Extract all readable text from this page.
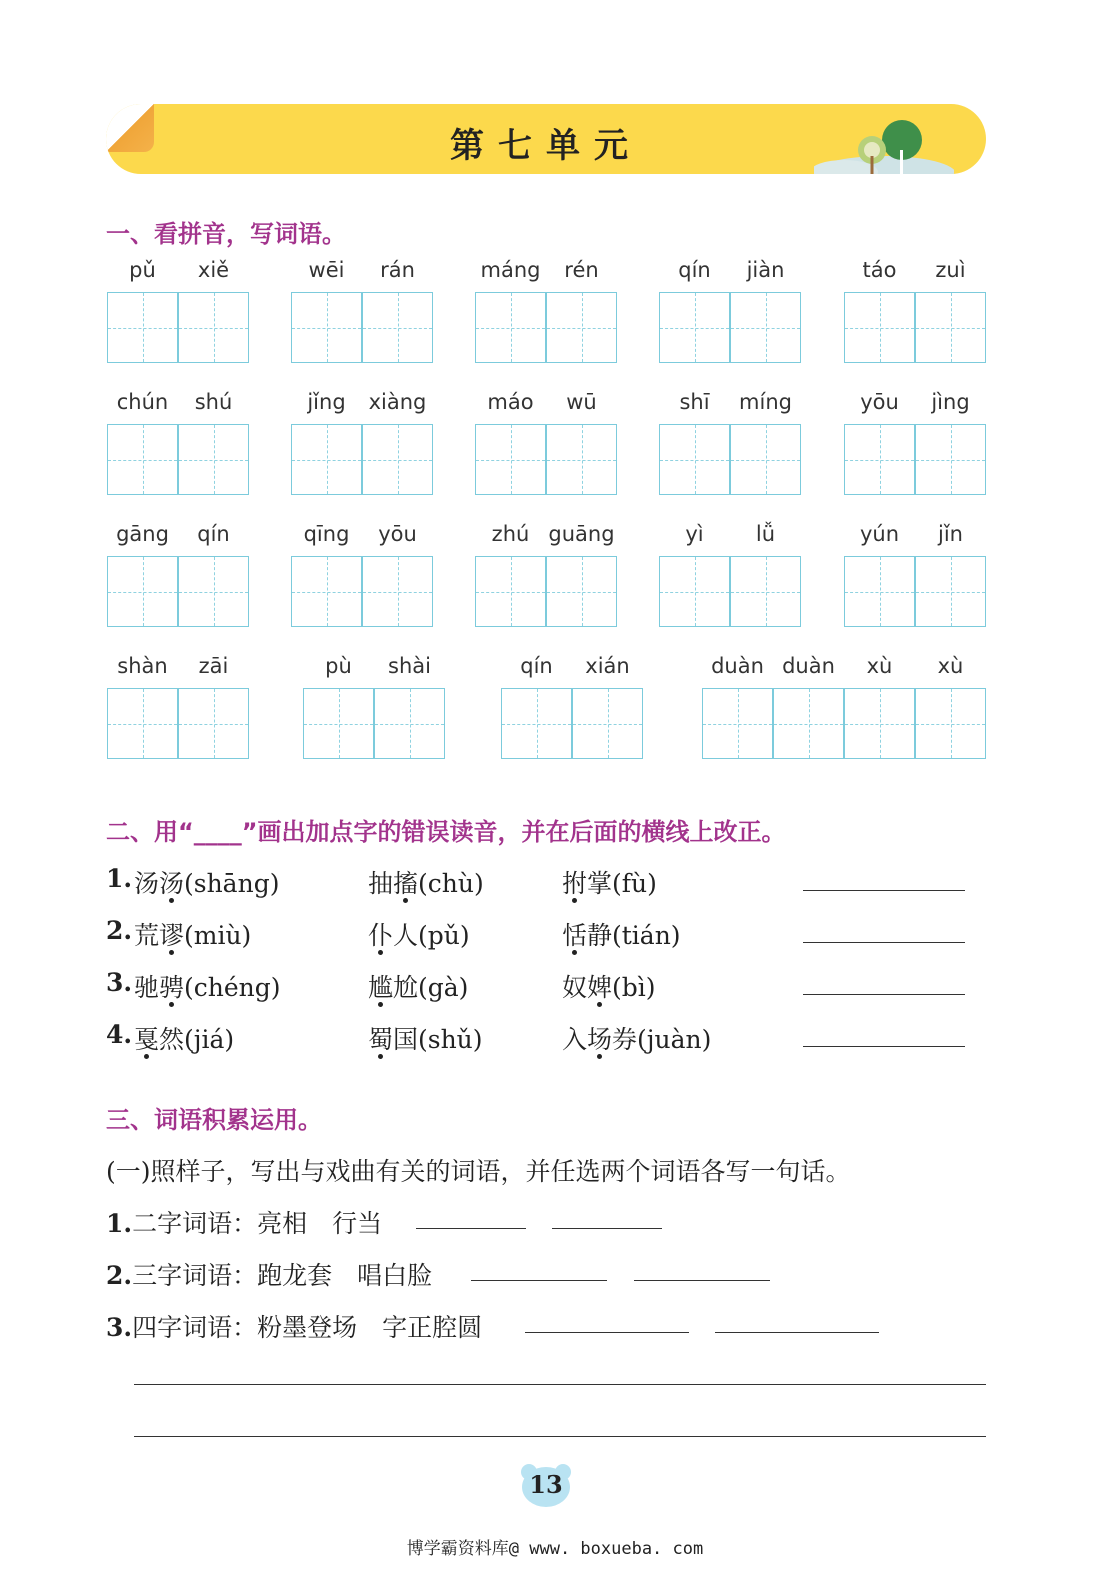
第七单元
一、看拼音，写词语。
pǔ	xiě	wēi	rán	máng	rén	qín	jiàn	táo	zuì
chún	shú	jǐng	xiàng	máo	wū	shī	míng	yōu	jìng
gāng	qín	qīng	yōu	zhú guāng	yì	lǚ	yún	jǐn
shàn	zāi	pù	shài	qín	xián	duàn duàn	xù	xù
二、用“____”画出加点字的错误读音，并在后面的横线上改正。
1. 汤汤(shāng)	抽搐(chù)	拊掌(fù)
2. 荒谬(miù)	仆人(pǔ)	恬静(tián)
3. 驰骋(chéng)	尴尬(gà)	奴婢(bì)
4. 戛然(jiá)	蜀国(shǔ)	入场券(juàn)
三、词语积累运用。
(一)照样子，写出与戏曲有关的词语，并任选两个词语各写一句话。
1.二字词语：亮相　行当
2.三字词语：跑龙套　唱白脸
3.四字词语：粉墨登场　字正腔圆
13
博学霸资料库@ www. boxueba. com
